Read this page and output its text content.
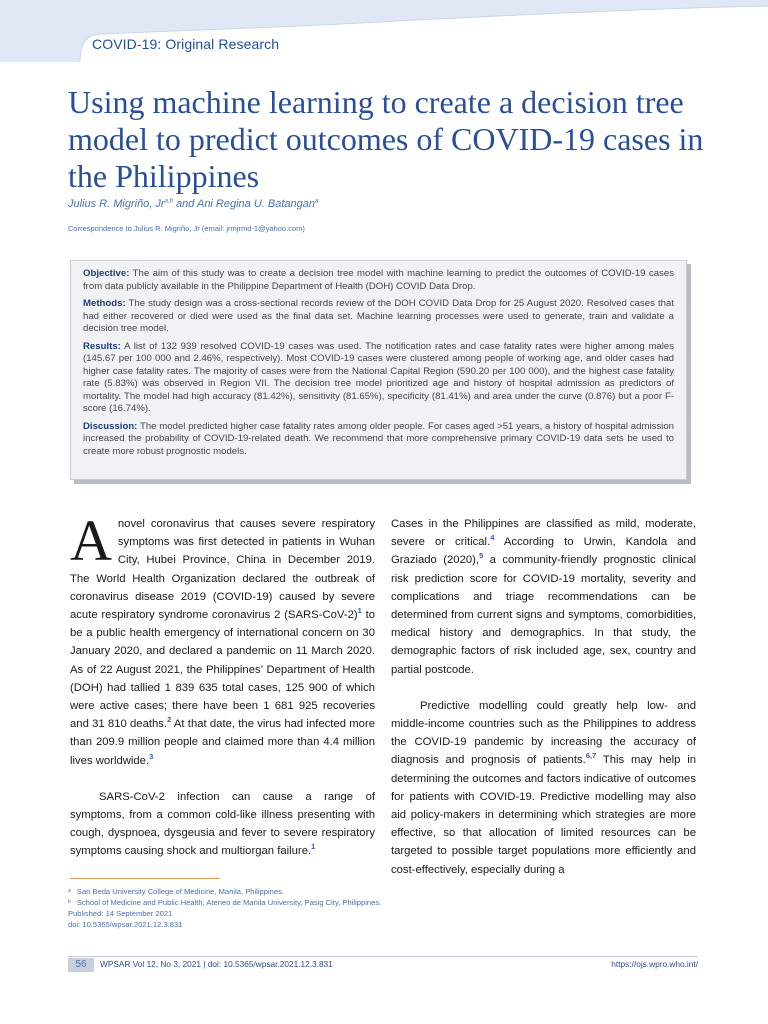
COVID-19: Original Research
Using machine learning to create a decision tree model to predict outcomes of COVID-19 cases in the Philippines
Julius R. Migriño, Jr$^{a,b}$ and Ani Regina U. Batangan$^a$
Correspondence to Julius R. Migriño, Jr (email: jrmjrmd-1@yahoo.com)

Objective: The aim of this study was to create a decision tree model with machine learning to predict the outcomes of COVID-19 cases from data publicly available in the Philippine Department of Health (DOH) COVID Data Drop.

Methods: The study design was a cross-sectional records review of the DOH COVID Data Drop for 25 August 2020. Resolved cases that had either recovered or died were used as the final data set. Machine learning processes were used to generate, train and validate a decision tree model.

Results: A list of 132 939 resolved COVID-19 cases was used. The notification rates and case fatality rates were higher among males (145.67 per 100 000 and 2.46%, respectively). Most COVID-19 cases were clustered among people of working age, and older cases had higher case fatality rates. The majority of cases were from the National Capital Region (590.20 per 100 000), and the highest case fatality rate (5.83%) was observed in Region VII. The decision tree model prioritized age and history of hospital admission as predictors of mortality. The model had high accuracy (81.42%), sensitivity (81.65%), specificity (81.41%) and area under the curve (0.876) but a poor F-score (16.74%).

Discussion: The model predicted higher case fatality rates among older people. For cases aged >51 years, a history of hospital admission increased the probability of COVID-19-related death. We recommend that more comprehensive primary COVID-19 data sets be used to create more robust prognostic models.

Anovel coronavirus that causes severe respiratory symptoms was first detected in patients in Wuhan City, Hubei Province, China in December 2019. The World Health Organization declared the outbreak of coronavirus disease 2019 (COVID-19) caused by severe acute respiratory syndrome coronavirus 2 (SARS-CoV-2)$^1$ to be a public health emergency of international concern on 30 January 2020, and declared a pandemic on 11 March 2020. As of 22 August 2021, the Philippines’ Department of Health (DOH) had tallied 1 839 635 total cases, 125 900 of which were active cases; there have been 1 681 925 recoveries and 31 810 deaths.$^2$ At that date, the virus had infected more than 209.9 million people and claimed more than 4.4 million lives worldwide.$^3$

SARS-CoV-2 infection can cause a range of symptoms, from a common cold-like illness presenting with cough, dyspnoea, dysgeusia and fever to severe respiratory symptoms causing shock and multiorgan failure.$^1$

Cases in the Philippines are classified as mild, moderate, severe or critical.$^4$ According to Urwin, Kandola and Graziado (2020),$^5$ a community-friendly prognostic clinical risk prediction score for COVID-19 mortality, severity and complications and triage recommendations can be determined from current signs and symptoms, comorbidities, medical history and demographics. In that study, the demographic factors of risk included age, sex, country and partial postcode.

Predictive modelling could greatly help low- and middle-income countries such as the Philippines to address the COVID-19 pandemic by increasing the accuracy of diagnosis and prognosis of patients.$^{6,7}$ This may help in determining the outcomes and factors indicative of outcomes for patients with COVID-19. Predictive modelling may also aid policy-makers in determining which strategies are more effective, so that allocation of limited resources can be targeted to possible target populations more efficiently and cost-effectively, especially during a

$^a$ San Beda University College of Medicine, Manila, Philippines.
$^b$ School of Medicine and Public Health, Ateneo de Manila University, Pasig City, Philippines.
Published: 14 September 2021
doi: 10.5365/wpsar.2021.12.3.831
56	WPSAR Vol 12, No 3, 2021 | doi: 10.5365/wpsar.2021.12.3.831	https://ojs.wpro.who.int/
